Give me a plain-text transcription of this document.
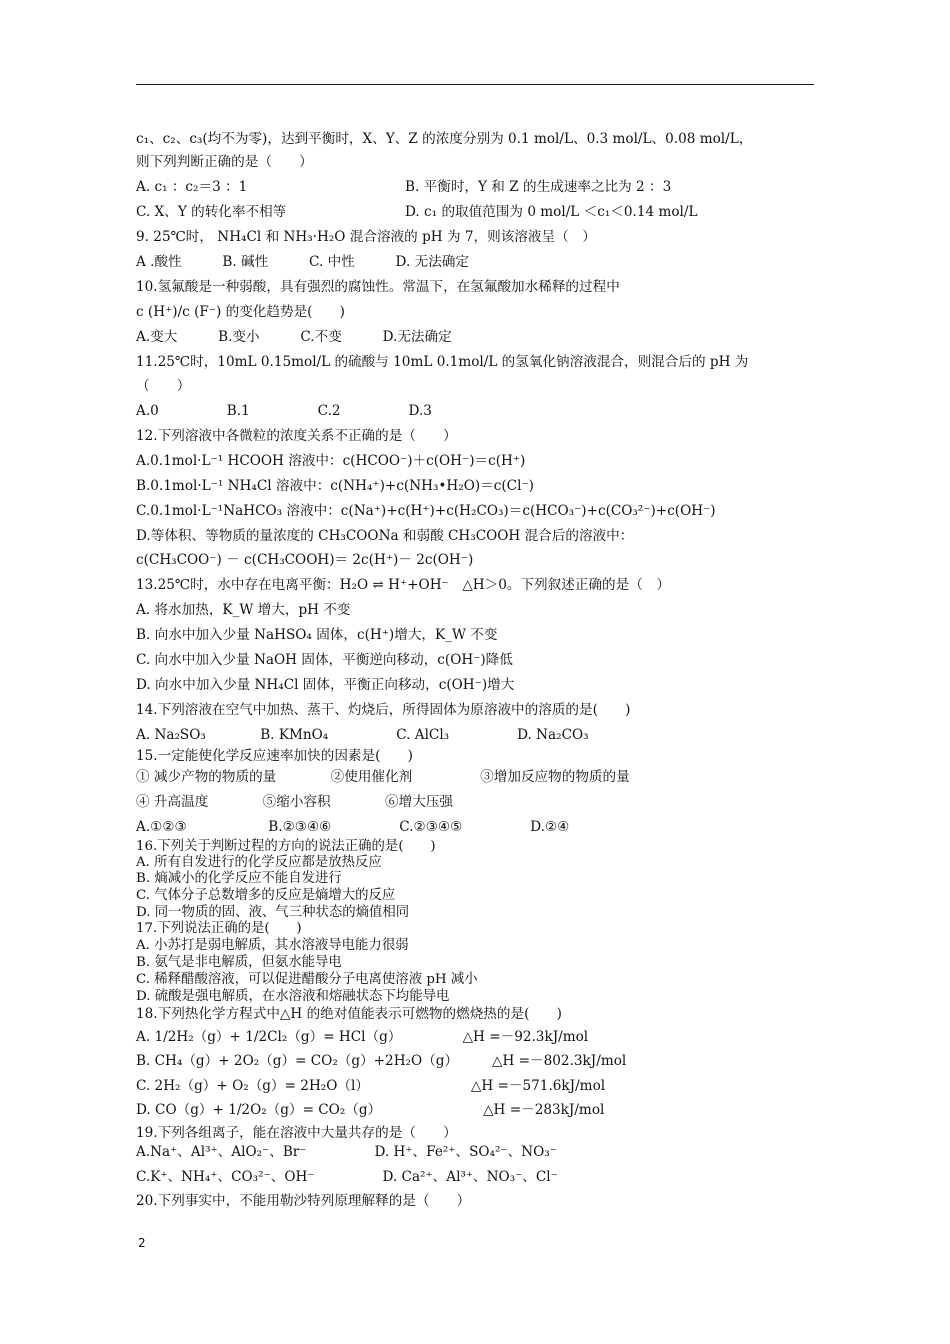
c₁、c₂、c₃(均不为零)，达到平衡时，X、Y、Z 的浓度分别为 0.1 mol/L、0.3 mol/L、0.08 mol/L，
则下列判断正确的是（　　）
A. c₁ ：c₂＝3 ：1	B. 平衡时，Y 和 Z 的生成速率之比为 2 ：3
C. X、Y 的转化率不相等	D. c₁ 的取值范围为 0 mol/L ＜c₁＜0.14 mol/L
9. 25℃时， NH₄Cl 和 NH₃·H₂O 混合溶液的 pH 为 7，则该溶液呈（　）
A .酸性　　　B. 碱性　　　C. 中性　　　D. 无法确定
10.氢氟酸是一种弱酸，具有强烈的腐蚀性。常温下，在氢氟酸加水稀释的过程中
c (H⁺)/c (F⁻) 的变化趋势是(　　)
A.变大　　　B.变小　　　C.不变　　　D.无法确定
11.25℃时，10mL 0.15mol/L 的硫酸与 10mL 0.1mol/L 的氢氧化钠溶液混合，则混合后的 pH 为
（　　）
A.0　　　　　B.1　　　　　C.2　　　　　D.3
12.下列溶液中各微粒的浓度关系不正确的是（　　）
A.0.1mol·L⁻¹ HCOOH 溶液中：c(HCOO⁻)＋c(OH⁻)＝c(H⁺)
B.0.1mol·L⁻¹ NH₄Cl 溶液中：c(NH₄⁺)+c(NH₃•H₂O)＝c(Cl⁻)
C.0.1mol·L⁻¹NaHCO₃ 溶液中：c(Na⁺)+c(H⁺)+c(H₂CO₃)＝c(HCO₃⁻)+c(CO₃²⁻)+c(OH⁻)
D.等体积、等物质的量浓度的 CH₃COONa 和弱酸 CH₃COOH 混合后的溶液中：
c(CH₃COO⁻) － c(CH₃COOH)＝ 2c(H⁺)－ 2c(OH⁻)
13.25℃时，水中存在电离平衡：H₂O ⇌ H⁺+OH⁻　△H＞0。下列叙述正确的是（　）
A. 将水加热，K_W 增大，pH 不变
B. 向水中加入少量 NaHSO₄ 固体，c(H⁺)增大，K_W 不变
C. 向水中加入少量 NaOH 固体，平衡逆向移动，c(OH⁻)降低
D. 向水中加入少量 NH₄Cl 固体，平衡正向移动，c(OH⁻)增大
14.下列溶液在空气中加热、蒸干、灼烧后，所得固体为原溶液中的溶质的是(　　)
A. Na₂SO₃　　　　B. KMnO₄　　　　　C. AlCl₃　　　　　D. Na₂CO₃
15.一定能使化学反应速率加快的因素是(　　)
① 减少产物的物质的量　　　　②使用催化剂　　　　　③增加反应物的物质的量
④ 升高温度　　　　⑤缩小容积　　　　⑥增大压强
A.①②③　　　　　　B.②③④⑥　　　　　C.②③④⑤　　　　　D.②④
16.下列关于判断过程的方向的说法正确的是(　　)
A. 所有自发进行的化学反应都是放热反应
B. 熵减小的化学反应不能自发进行
C. 气体分子总数增多的反应是熵增大的反应
D. 同一物质的固、液、气三种状态的熵值相同
17.下列说法正确的是(　　)
A. 小苏打是弱电解质，其水溶液导电能力很弱
B. 氨气是非电解质，但氨水能导电
C. 稀释醋酸溶液，可以促进醋酸分子电离使溶液 pH 减小
D. 硫酸是强电解质，在水溶液和熔融状态下均能导电
18.下列热化学方程式中△H 的绝对值能表示可燃物的燃烧热的是(　　)
A. 1/2H₂（g）+ 1/2Cl₂（g）= HCl（g）　　　　　△H =－92.3kJ/mol
B. CH₄（g）+ 2O₂（g）= CO₂（g）+2H₂O（g）　　　△H =－802.3kJ/mol
C. 2H₂（g）+ O₂（g）= 2H₂O（l）　　　　　　　　△H =－571.6kJ/mol
D. CO（g）+ 1/2O₂（g）= CO₂（g）　　　　　　　　△H =－283kJ/mol
19.下列各组离子，能在溶液中大量共存的是（　　）
A.Na⁺、Al³⁺、AlO₂⁻、Br⁻　　　　　D. H⁺、Fe²⁺、SO₄²⁻、NO₃⁻
C.K⁺、NH₄⁺、CO₃²⁻、OH⁻　　　　　D. Ca²⁺、Al³⁺、NO₃⁻、Cl⁻
20.下列事实中，不能用勒沙特列原理解释的是（　　）
2
